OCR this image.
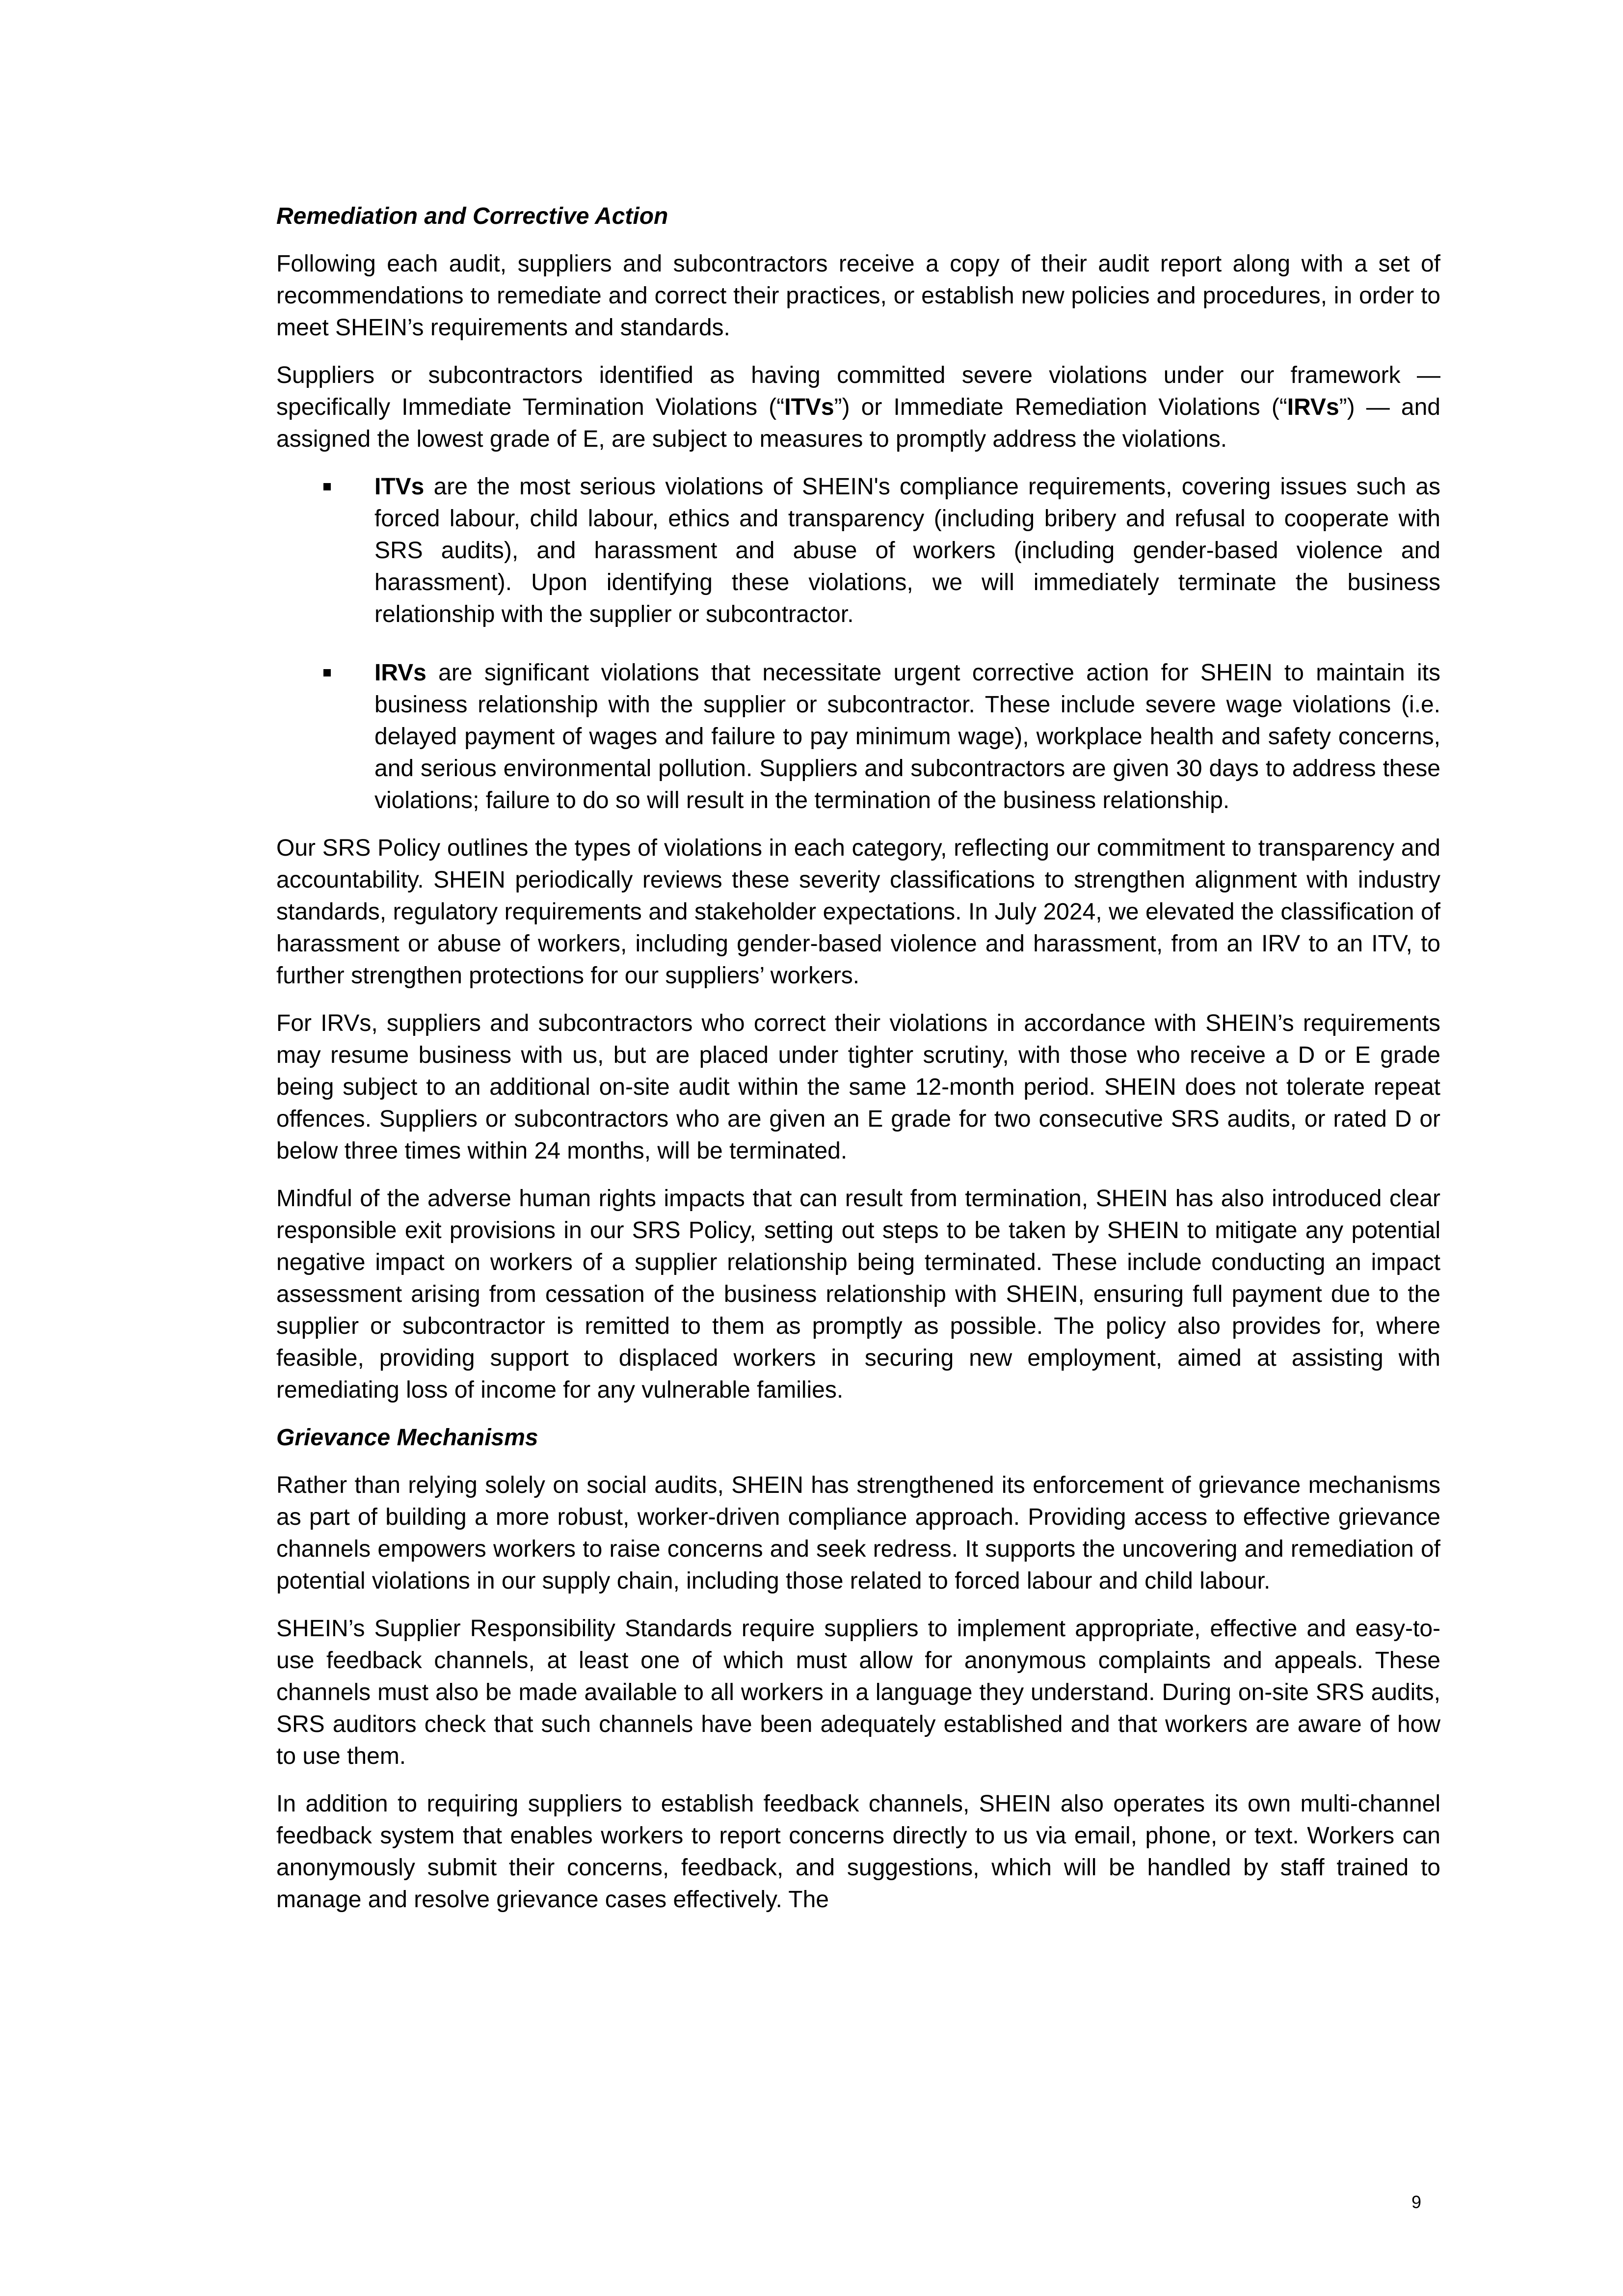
Remediation and Corrective Action

Following each audit, suppliers and subcontractors receive a copy of their audit report along with a set of recommendations to remediate and correct their practices, or establish new policies and procedures, in order to meet SHEIN’s requirements and standards.

Suppliers or subcontractors identified as having committed severe violations under our framework — specifically Immediate Termination Violations (“ITVs”) or Immediate Remediation Violations (“IRVs”) — and assigned the lowest grade of E, are subject to measures to promptly address the violations.

ITVs are the most serious violations of SHEIN's compliance requirements, covering issues such as forced labour, child labour, ethics and transparency (including bribery and refusal to cooperate with SRS audits), and harassment and abuse of workers (including gender-based violence and harassment). Upon identifying these violations, we will immediately terminate the business relationship with the supplier or subcontractor.
IRVs are significant violations that necessitate urgent corrective action for SHEIN to maintain its business relationship with the supplier or subcontractor. These include severe wage violations (i.e. delayed payment of wages and failure to pay minimum wage), workplace health and safety concerns, and serious environmental pollution. Suppliers and subcontractors are given 30 days to address these violations; failure to do so will result in the termination of the business relationship.

Our SRS Policy outlines the types of violations in each category, reflecting our commitment to transparency and accountability. SHEIN periodically reviews these severity classifications to strengthen alignment with industry standards, regulatory requirements and stakeholder expectations. In July 2024, we elevated the classification of harassment or abuse of workers, including gender-based violence and harassment, from an IRV to an ITV, to further strengthen protections for our suppliers’ workers.

For IRVs, suppliers and subcontractors who correct their violations in accordance with SHEIN’s requirements may resume business with us, but are placed under tighter scrutiny, with those who receive a D or E grade being subject to an additional on-site audit within the same 12-month period. SHEIN does not tolerate repeat offences. Suppliers or subcontractors who are given an E grade for two consecutive SRS audits, or rated D or below three times within 24 months, will be terminated.

Mindful of the adverse human rights impacts that can result from termination, SHEIN has also introduced clear responsible exit provisions in our SRS Policy, setting out steps to be taken by SHEIN to mitigate any potential negative impact on workers of a supplier relationship being terminated. These include conducting an impact assessment arising from cessation of the business relationship with SHEIN, ensuring full payment due to the supplier or subcontractor is remitted to them as promptly as possible. The policy also provides for, where feasible, providing support to displaced workers in securing new employment, aimed at assisting with remediating loss of income for any vulnerable families.

Grievance Mechanisms

Rather than relying solely on social audits, SHEIN has strengthened its enforcement of grievance mechanisms as part of building a more robust, worker-driven compliance approach. Providing access to effective grievance channels empowers workers to raise concerns and seek redress. It supports the uncovering and remediation of potential violations in our supply chain, including those related to forced labour and child labour.

SHEIN’s Supplier Responsibility Standards require suppliers to implement appropriate, effective and easy-to-use feedback channels, at least one of which must allow for anonymous complaints and appeals. These channels must also be made available to all workers in a language they understand. During on-site SRS audits, SRS auditors check that such channels have been adequately established and that workers are aware of how to use them.

In addition to requiring suppliers to establish feedback channels, SHEIN also operates its own multi-channel feedback system that enables workers to report concerns directly to us via email, phone, or text. Workers can anonymously submit their concerns, feedback, and suggestions, which will be handled by staff trained to manage and resolve grievance cases effectively. The

9
